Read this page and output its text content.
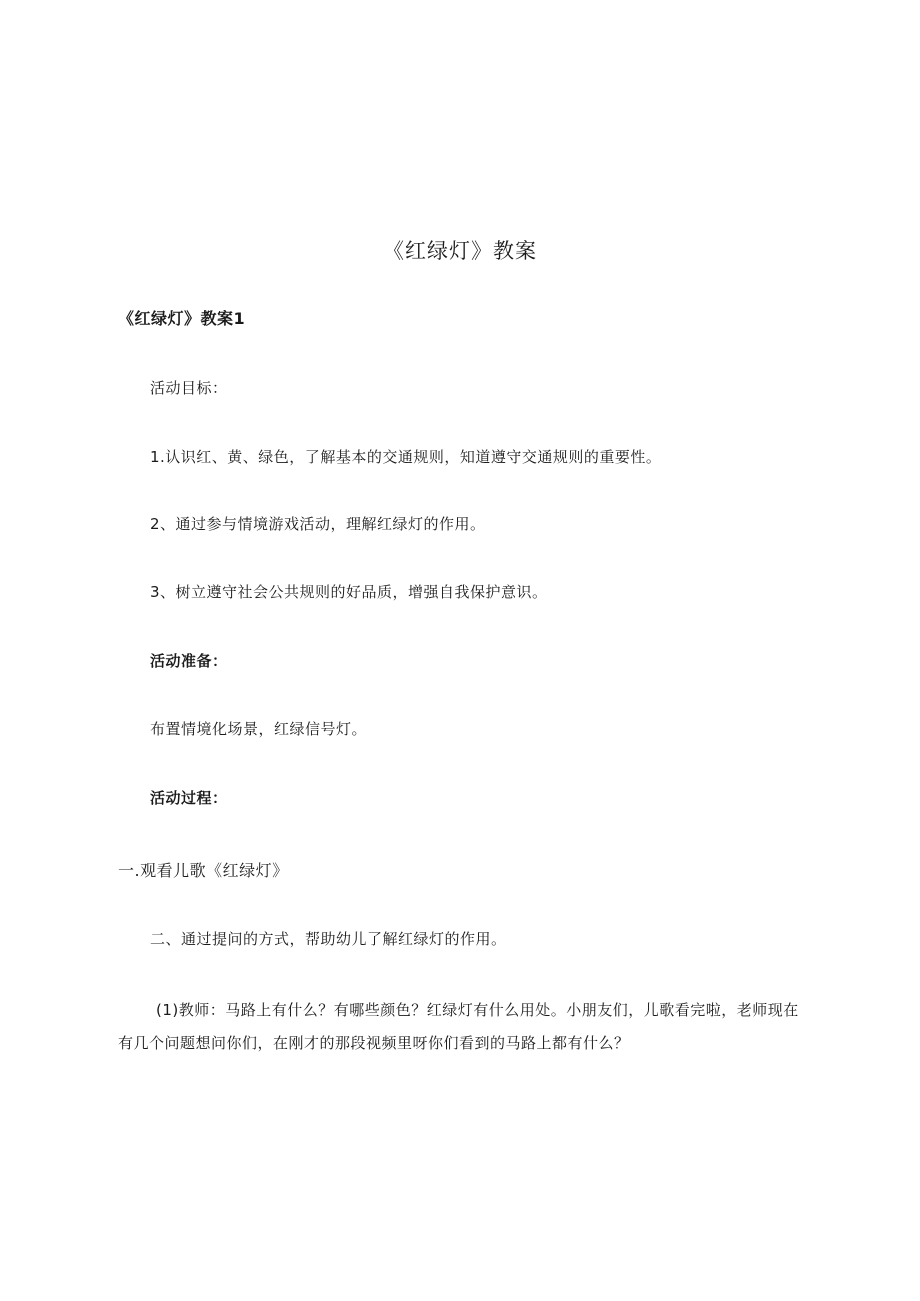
《红绿灯》教案
《红绿灯》教案1
活动目标：
1.认识红、黄、绿色，了解基本的交通规则，知道遵守交通规则的重要性。
2、通过参与情境游戏活动，理解红绿灯的作用。
3、树立遵守社会公共规则的好品质，增强自我保护意识。
活动准备：
布置情境化场景，红绿信号灯。
活动过程：
一.观看儿歌《红绿灯》
二、通过提问的方式，帮助幼儿了解红绿灯的作用。
(1)教师：马路上有什么？有哪些颜色？红绿灯有什么用处。小朋友们，儿歌看完啦，老师现在有几个问题想问你们，在刚才的那段视频里呀你们看到的马路上都有什么？
